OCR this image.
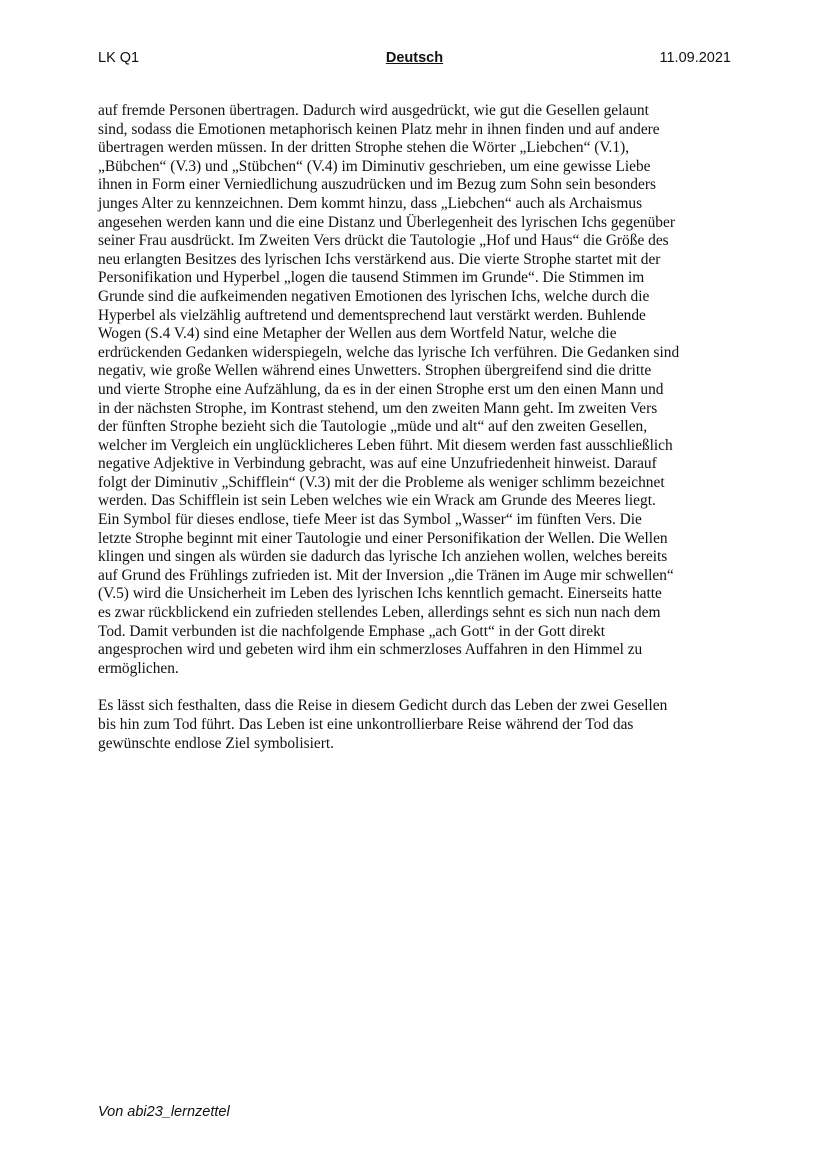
LK Q1	Deutsch	11.09.2021

auf fremde Personen übertragen. Dadurch wird ausgedrückt, wie gut die Gesellen gelaunt
sind, sodass die Emotionen metaphorisch keinen Platz mehr in ihnen finden und auf andere
übertragen werden müssen. In der dritten Strophe stehen die Wörter „Liebchen“ (V.1),
„Bübchen“ (V.3) und „Stübchen“ (V.4) im Diminutiv geschrieben, um eine gewisse Liebe
ihnen in Form einer Verniedlichung auszudrücken und im Bezug zum Sohn sein besonders
junges Alter zu kennzeichnen. Dem kommt hinzu, dass „Liebchen“ auch als Archaismus
angesehen werden kann und die eine Distanz und Überlegenheit des lyrischen Ichs gegenüber
seiner Frau ausdrückt. Im Zweiten Vers drückt die Tautologie „Hof und Haus“ die Größe des
neu erlangten Besitzes des lyrischen Ichs verstärkend aus. Die vierte Strophe startet mit der
Personifikation und Hyperbel „logen die tausend Stimmen im Grunde“. Die Stimmen im
Grunde sind die aufkeimenden negativen Emotionen des lyrischen Ichs, welche durch die
Hyperbel als vielzählig auftretend und dementsprechend laut verstärkt werden. Buhlende
Wogen (S.4 V.4) sind eine Metapher der Wellen aus dem Wortfeld Natur, welche die
erdrückenden Gedanken widerspiegeln, welche das lyrische Ich verführen. Die Gedanken sind
negativ, wie große Wellen während eines Unwetters. Strophen übergreifend sind die dritte
und vierte Strophe eine Aufzählung, da es in der einen Strophe erst um den einen Mann und
in der nächsten Strophe, im Kontrast stehend, um den zweiten Mann geht. Im zweiten Vers
der fünften Strophe bezieht sich die Tautologie „müde und alt“ auf den zweiten Gesellen,
welcher im Vergleich ein unglücklicheres Leben führt. Mit diesem werden fast ausschließlich
negative Adjektive in Verbindung gebracht, was auf eine Unzufriedenheit hinweist. Darauf
folgt der Diminutiv „Schifflein“ (V.3) mit der die Probleme als weniger schlimm bezeichnet
werden. Das Schifflein ist sein Leben welches wie ein Wrack am Grunde des Meeres liegt.
Ein Symbol für dieses endlose, tiefe Meer ist das Symbol „Wasser“ im fünften Vers. Die
letzte Strophe beginnt mit einer Tautologie und einer Personifikation der Wellen. Die Wellen
klingen und singen als würden sie dadurch das lyrische Ich anziehen wollen, welches bereits
auf Grund des Frühlings zufrieden ist. Mit der Inversion „die Tränen im Auge mir schwellen“
(V.5) wird die Unsicherheit im Leben des lyrischen Ichs kenntlich gemacht. Einerseits hatte
es zwar rückblickend ein zufrieden stellendes Leben, allerdings sehnt es sich nun nach dem
Tod. Damit verbunden ist die nachfolgende Emphase „ach Gott“ in der Gott direkt
angesprochen wird und gebeten wird ihm ein schmerzloses Auffahren in den Himmel zu
ermöglichen.

Es lässt sich festhalten, dass die Reise in diesem Gedicht durch das Leben der zwei Gesellen
bis hin zum Tod führt. Das Leben ist eine unkontrollierbare Reise während der Tod das
gewünschte endlose Ziel symbolisiert.

Von abi23_lernzettel
